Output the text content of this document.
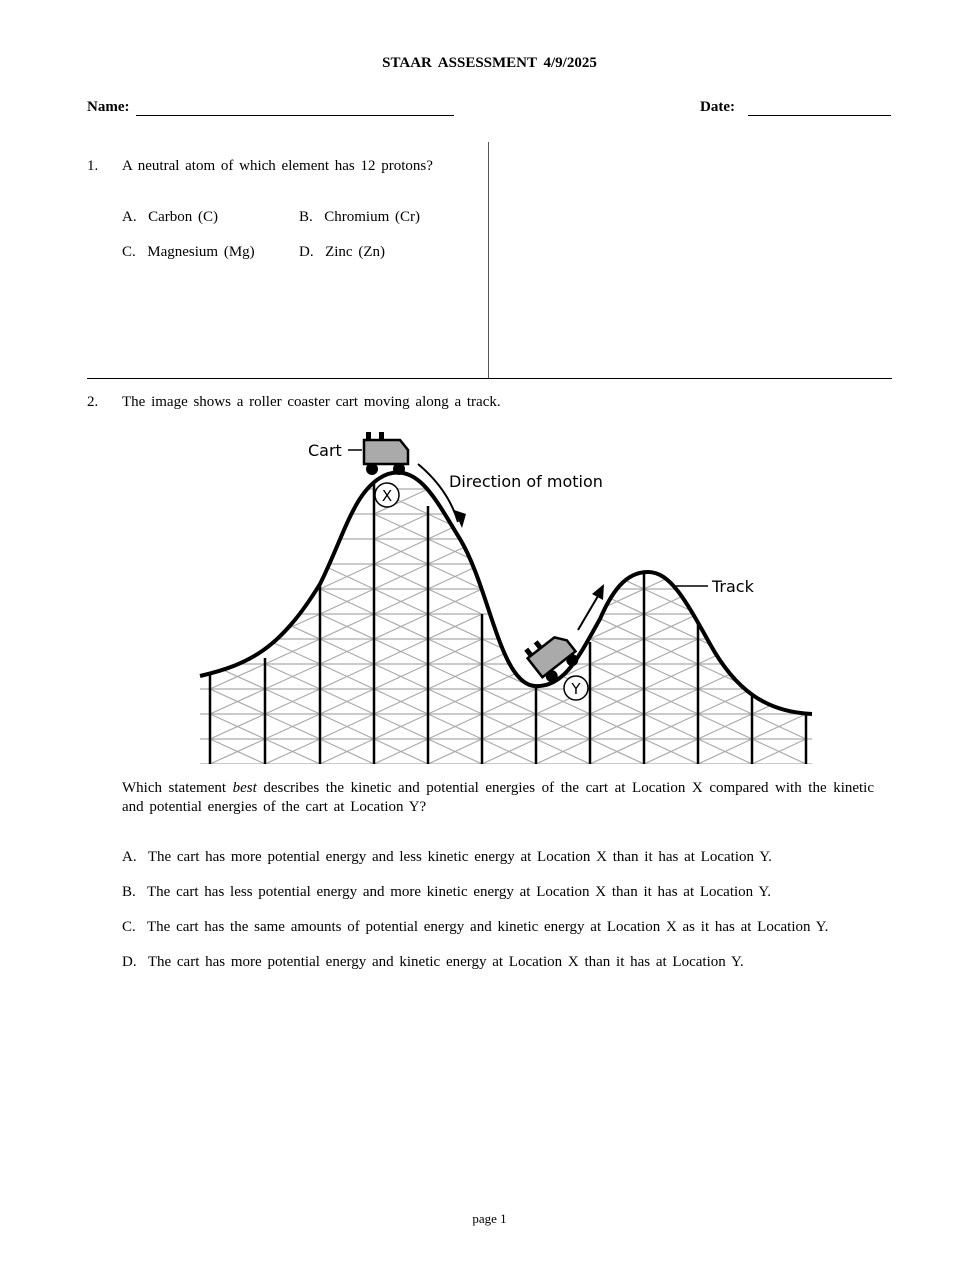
STAAR ASSESSMENT 4/9/2025
Name:	Date:
1. A neutral atom of which element has 12 protons?
A. Carbon (C)	B. Chromium (Cr)
C. Magnesium (Mg)	D. Zinc (Zn)
2. The image shows a roller coaster cart moving along a track.
Cart
X
Direction of motion
Y
Track
Which statement best describes the kinetic and potential energies of the cart at Location X compared with the kinetic and potential energies of the cart at Location Y?
A. The cart has more potential energy and less kinetic energy at Location X than it has at Location Y.
B. The cart has less potential energy and more kinetic energy at Location X than it has at Location Y.
C. The cart has the same amounts of potential energy and kinetic energy at Location X as it has at Location Y.
D. The cart has more potential energy and kinetic energy at Location X than it has at Location Y.
page 1
